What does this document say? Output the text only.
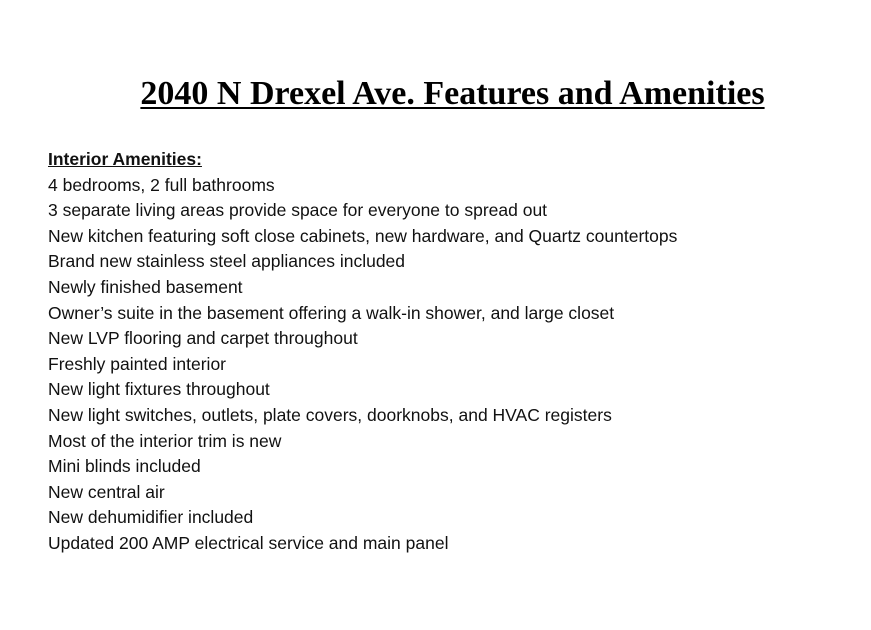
2040 N Drexel Ave. Features and Amenities
Interior Amenities:
4 bedrooms, 2 full bathrooms
3 separate living areas provide space for everyone to spread out
New kitchen featuring soft close cabinets, new hardware, and Quartz countertops
Brand new stainless steel appliances included
Newly finished basement
Owner’s suite in the basement offering a walk-in shower, and large closet
New LVP flooring and carpet throughout
Freshly painted interior
New light fixtures throughout
New light switches, outlets, plate covers, doorknobs, and HVAC registers
Most of the interior trim is new
Mini blinds included
New central air
New dehumidifier included
Updated 200 AMP electrical service and main panel
